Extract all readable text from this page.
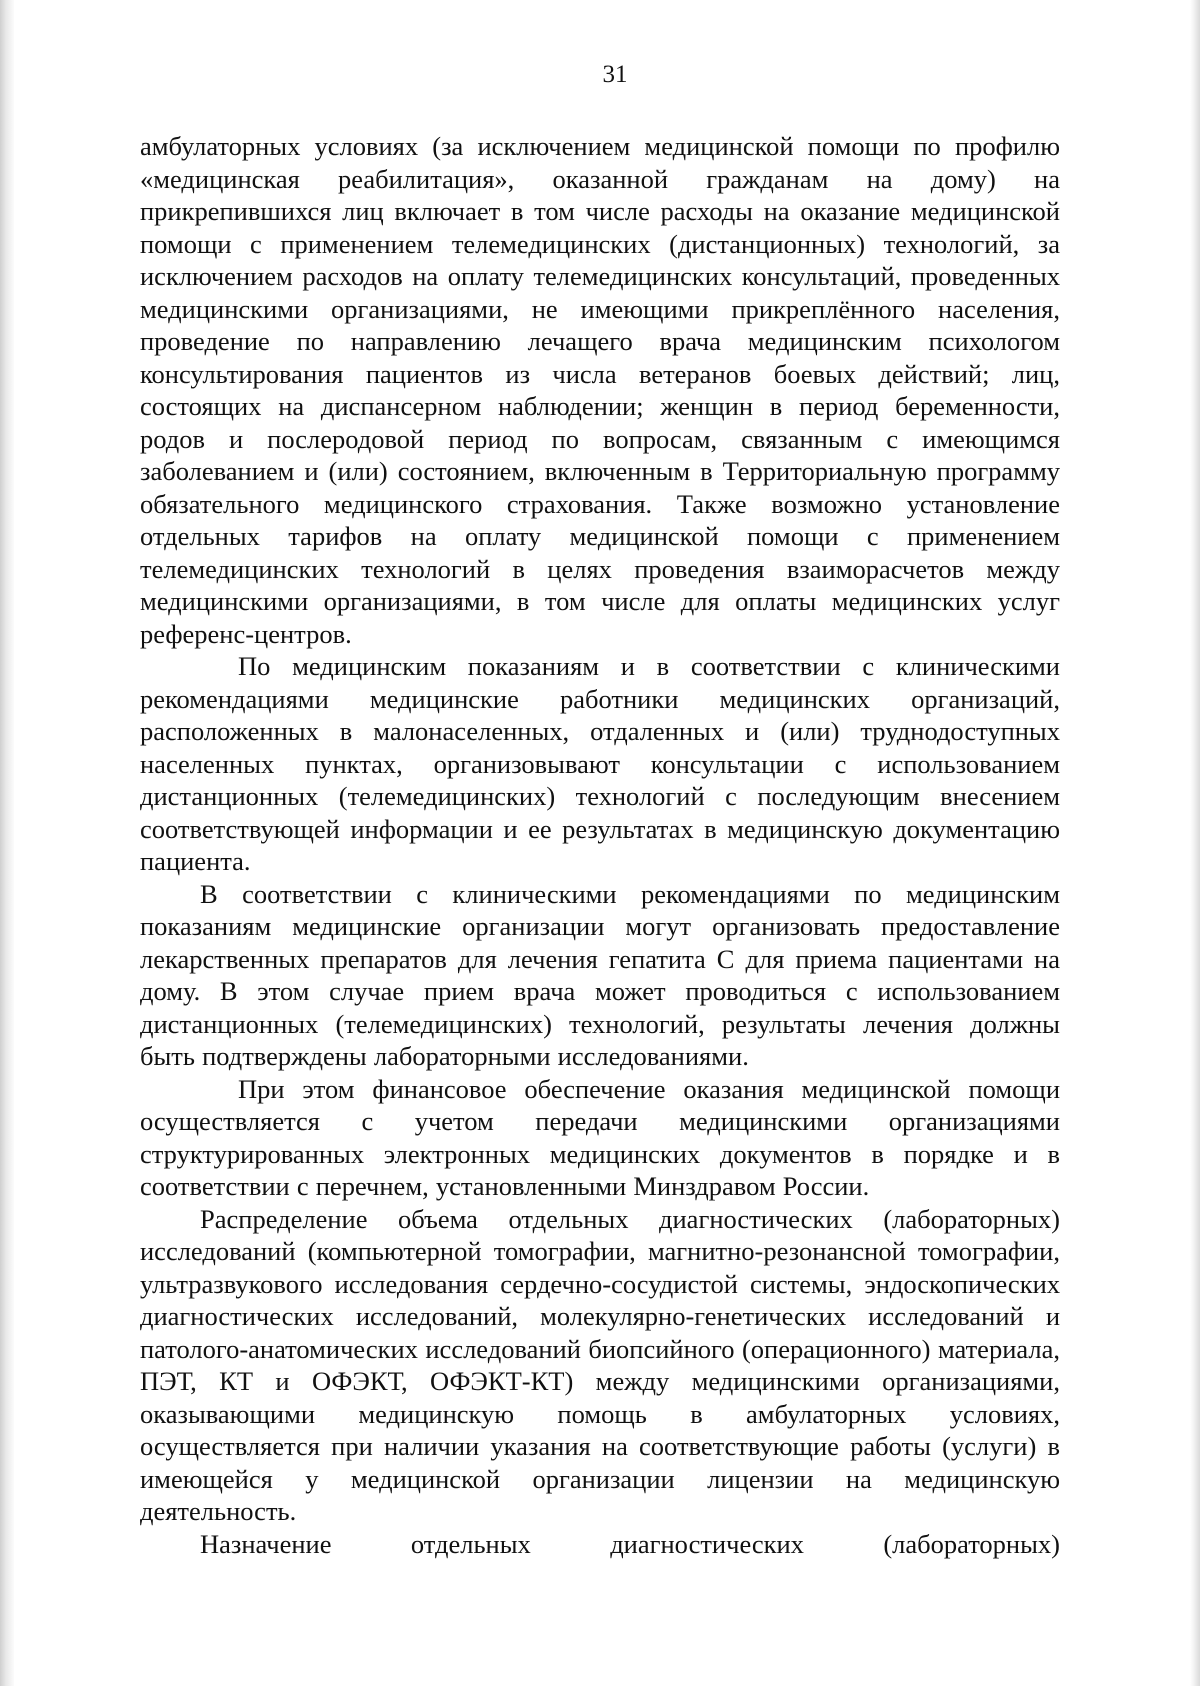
31

амбулаторных условиях (за исключением медицинской помощи по профилю «медицинская реабилитация», оказанной гражданам на дому) на прикрепившихся лиц включает в том числе расходы на оказание медицинской помощи с применением телемедицинских (дистанционных) технологий, за исключением расходов на оплату телемедицинских консультаций, проведенных медицинскими организациями, не имеющими прикреплённого населения, проведение по направлению лечащего врача медицинским психологом консультирования пациентов из числа ветеранов боевых действий; лиц, состоящих на диспансерном наблюдении; женщин в период беременности, родов и послеродовой период по вопросам, связанным с имеющимся заболеванием и (или) состоянием, включенным в Территориальную программу обязательного медицинского страхования. Также возможно установление отдельных тарифов на оплату медицинской помощи с применением телемедицинских технологий в целях проведения взаиморасчетов между медицинскими организациями, в том числе для оплаты медицинских услуг референс-центров.

По медицинским показаниям и в соответствии с клиническими рекомендациями медицинские работники медицинских организаций, расположенных в малонаселенных, отдаленных и (или) труднодоступных населенных пунктах, организовывают консультации с использованием дистанционных (телемедицинских) технологий с последующим внесением соответствующей информации и ее результатах в медицинскую документацию пациента.

В соответствии с клиническими рекомендациями по медицинским показаниям медицинские организации могут организовать предоставление лекарственных препаратов для лечения гепатита С для приема пациентами на дому. В этом случае прием врача может проводиться с использованием дистанционных (телемедицинских) технологий, результаты лечения должны быть подтверждены лабораторными исследованиями.

При этом финансовое обеспечение оказания медицинской помощи осуществляется с учетом передачи медицинскими организациями структурированных электронных медицинских документов в порядке и в соответствии с перечнем, установленными Минздравом России.

Распределение объема отдельных диагностических (лабораторных) исследований (компьютерной томографии, магнитно-резонансной томографии, ультразвукового исследования сердечно-сосудистой системы, эндоскопических диагностических исследований, молекулярно-генетических исследований и патолого-анатомических исследований биопсийного (операционного) материала, ПЭТ, КТ и ОФЭКТ, ОФЭКТ-КТ) между медицинскими организациями, оказывающими медицинскую помощь в амбулаторных условиях, осуществляется при наличии указания на соответствующие работы (услуги) в имеющейся у медицинской организации лицензии на медицинскую деятельность.

Назначение отдельных диагностических (лабораторных)
